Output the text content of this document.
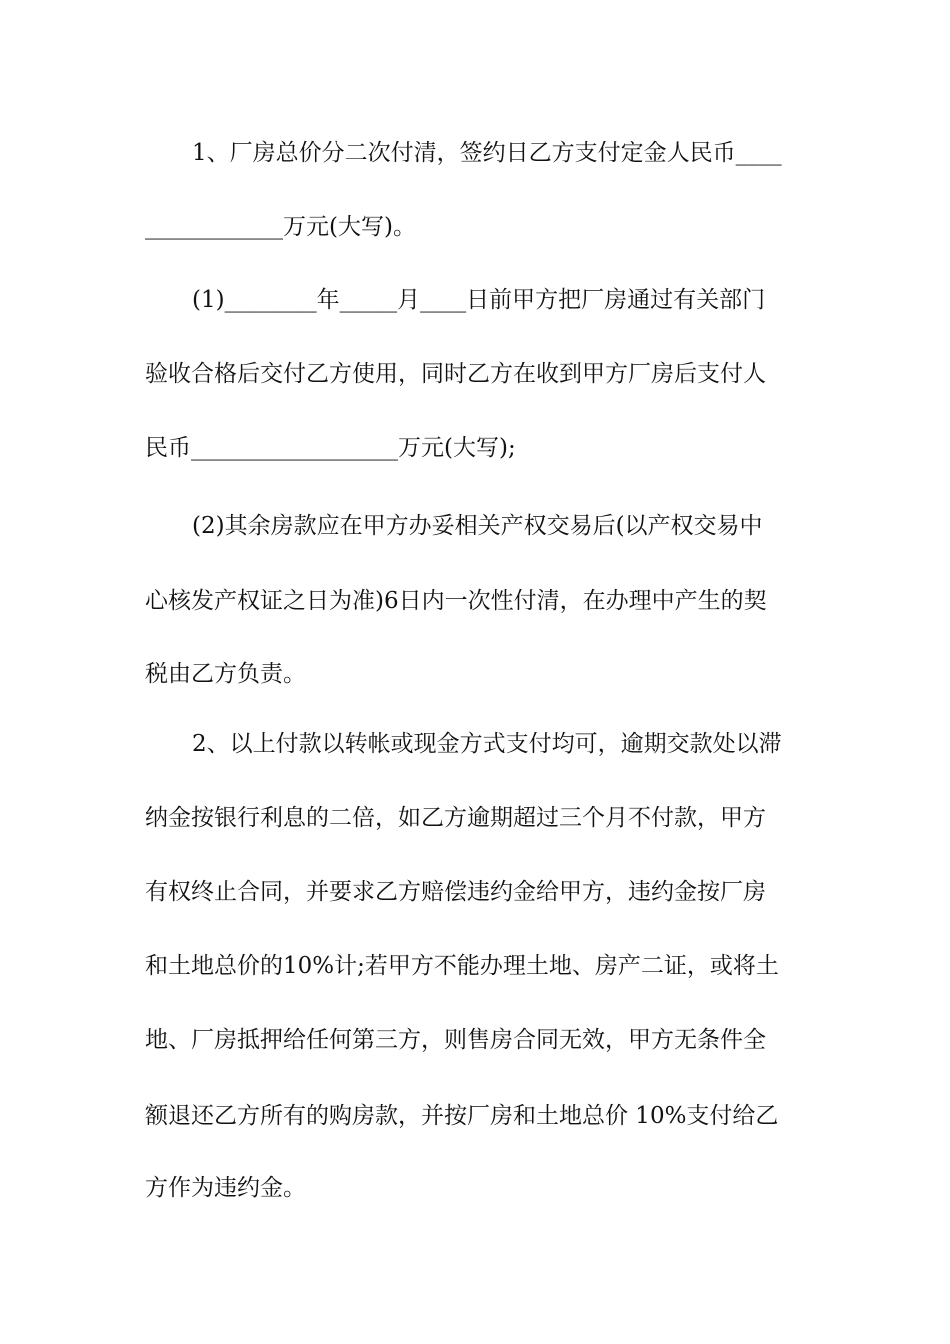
1、厂房总价分二次付清，签约日乙方支付定金人民币____
____________万元(大写)。
(1)________年_____月____日前甲方把厂房通过有关部门
验收合格后交付乙方使用，同时乙方在收到甲方厂房后支付人
民币__________________万元(大写);
(2)其余房款应在甲方办妥相关产权交易后(以产权交易中
心核发产权证之日为准)6日内一次性付清，在办理中产生的契
税由乙方负责。
2、以上付款以转帐或现金方式支付均可，逾期交款处以滞
纳金按银行利息的二倍，如乙方逾期超过三个月不付款，甲方
有权终止合同，并要求乙方赔偿违约金给甲方，违约金按厂房
和土地总价的10%计;若甲方不能办理土地、房产二证，或将土
地、厂房抵押给任何第三方，则售房合同无效，甲方无条件全
额退还乙方所有的购房款，并按厂房和土地总价 10%支付给乙
方作为违约金。
